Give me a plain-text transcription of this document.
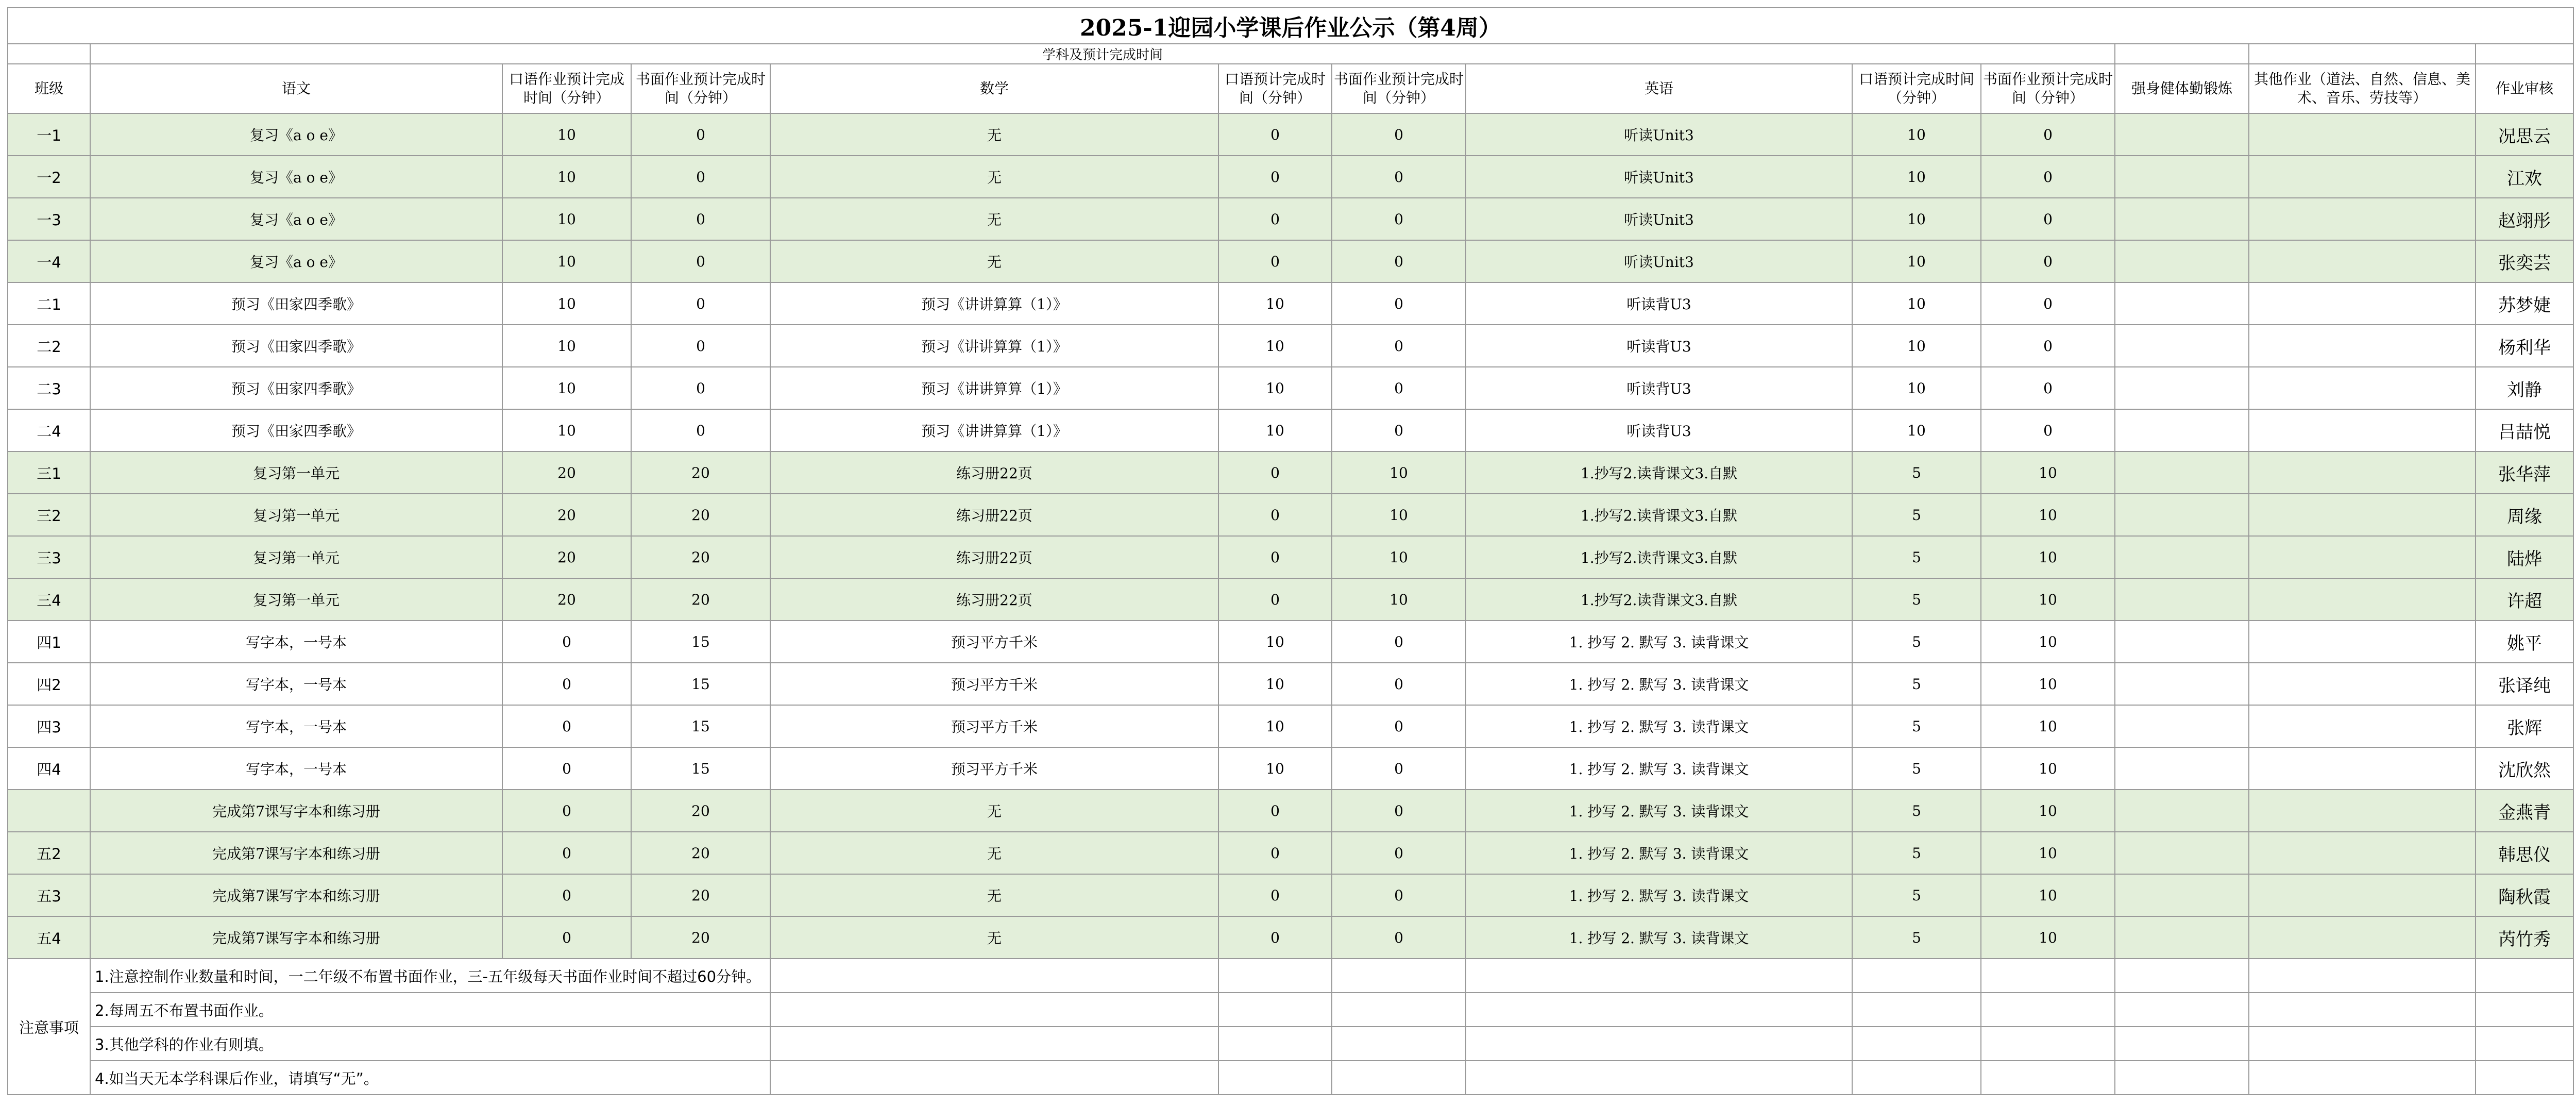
2025-1迎园小学课后作业公示（第4周）												
	学科及预计完成时间											
班级	语文	口语作业预计完成时间（分钟）	书面作业预计完成时间（分钟）	数学	口语预计完成时间（分钟）	书面作业预计完成时间（分钟）	英语	口语预计完成时间（分钟）	书面作业预计完成时间（分钟）	强身健体勤锻炼	其他作业（道法、自然、信息、美术、音乐、劳技等）	作业审核
一1	复习《a o e》	10	0	无	0	0	听读Unit3	10	0			况思云
一2	复习《a o e》	10	0	无	0	0	听读Unit3	10	0			江欢
一3	复习《a o e》	10	0	无	0	0	听读Unit3	10	0			赵翊彤
一4	复习《a o e》	10	0	无	0	0	听读Unit3	10	0			张奕芸
二1	预习《田家四季歌》	10	0	预习《讲讲算算（1）》	10	0	听读背U3	10	0			苏梦婕
二2	预习《田家四季歌》	10	0	预习《讲讲算算（1）》	10	0	听读背U3	10	0			杨利华
二3	预习《田家四季歌》	10	0	预习《讲讲算算（1）》	10	0	听读背U3	10	0			刘静
二4	预习《田家四季歌》	10	0	预习《讲讲算算（1）》	10	0	听读背U3	10	0			吕喆悦
三1	复习第一单元	20	20	练习册22页	0	10	1.抄写2.读背课文3.自默	5	10			张华萍
三2	复习第一单元	20	20	练习册22页	0	10	1.抄写2.读背课文3.自默	5	10			周缘
三3	复习第一单元	20	20	练习册22页	0	10	1.抄写2.读背课文3.自默	5	10			陆烨
三4	复习第一单元	20	20	练习册22页	0	10	1.抄写2.读背课文3.自默	5	10			许超
四1	写字本，一号本	0	15	预习平方千米	10	0	1. 抄写 2. 默写 3. 读背课文	5	10			姚平
四2	写字本，一号本	0	15	预习平方千米	10	0	1. 抄写 2. 默写 3. 读背课文	5	10			张译纯
四3	写字本，一号本	0	15	预习平方千米	10	0	1. 抄写 2. 默写 3. 读背课文	5	10			张辉
四4	写字本，一号本	0	15	预习平方千米	10	0	1. 抄写 2. 默写 3. 读背课文	5	10			沈欣然
	完成第7课写字本和练习册	0	20	无	0	0	1. 抄写 2. 默写 3. 读背课文	5	10			金燕青
五2	完成第7课写字本和练习册	0	20	无	0	0	1. 抄写 2. 默写 3. 读背课文	5	10			韩思仪
五3	完成第7课写字本和练习册	0	20	无	0	0	1. 抄写 2. 默写 3. 读背课文	5	10			陶秋霞
五4	完成第7课写字本和练习册	0	20	无	0	0	1. 抄写 2. 默写 3. 读背课文	5	10			芮竹秀
注意事项	1.注意控制作业数量和时间，一二年级不布置书面作业，三-五年级每天书面作业时间不超过60分钟。											
	2.每周五不布置书面作业。											
	3.其他学科的作业有则填。											
	4.如当天无本学科课后作业，请填写“无”。											
